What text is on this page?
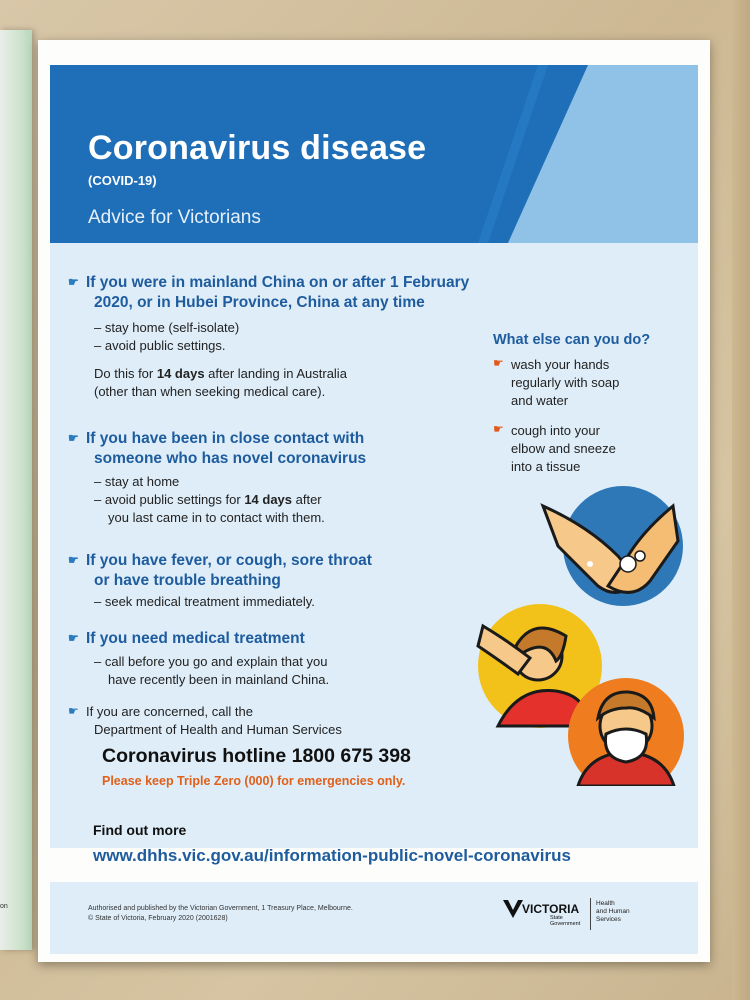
on
Coronavirus disease
(COVID-19)
Advice for Victorians
☛ If you were in mainland China on or after 1 February
2020, or in Hubei Province, China at any time
– stay home (self-isolate)
– avoid public settings.
Do this for 14 days after landing in Australia
(other than when seeking medical care).
☛ If you have been in close contact with
someone who has novel coronavirus
– stay at home
– avoid public settings for 14 days after
you last came in to contact with them.
☛ If you have fever, or cough, sore throat
or have trouble breathing
– seek medical treatment immediately.
☛ If you need medical treatment
– call before you go and explain that you
have recently been in mainland China.
☛ If you are concerned, call the
Department of Health and Human Services
Coronavirus hotline 1800 675 398
Please keep Triple Zero (000) for emergencies only.
What else can you do?
☛ wash your hands
regularly with soap
and water
☛ cough into your
elbow and sneeze
into a tissue
Find out more
www.dhhs.vic.gov.au/information-public-novel-coronavirus
Authorised and published by the Victorian Government, 1 Treasury Place, Melbourne.
© State of Victoria, February 2020 (2001628)
VICTORIA
State
Government
Health
and Human
Services
